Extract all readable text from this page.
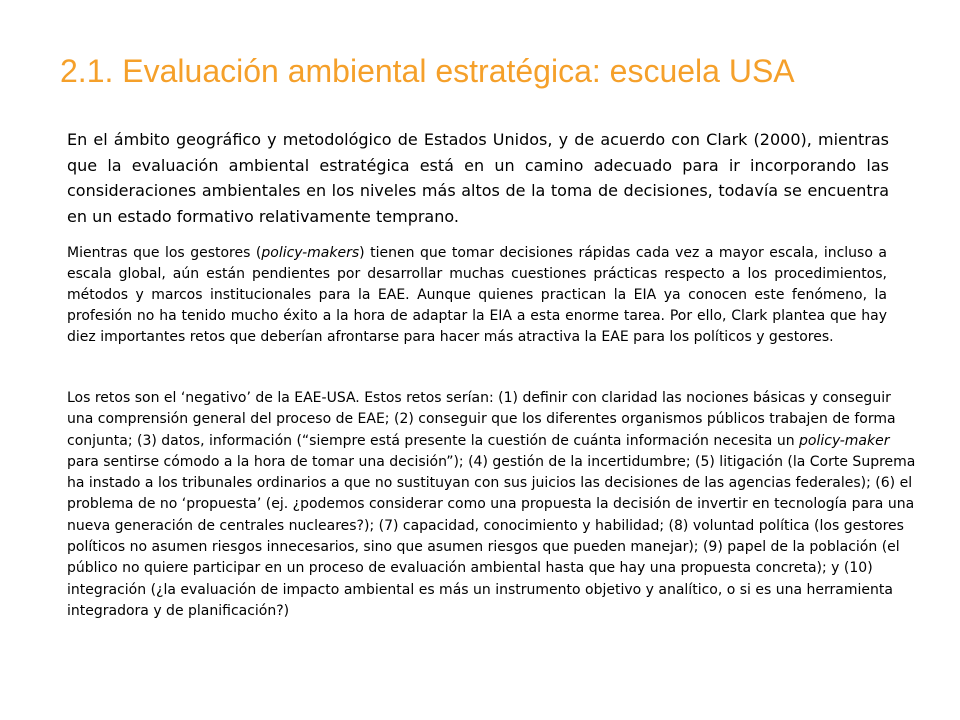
2.1. Evaluación ambiental estratégica: escuela USA

En el ámbito geográfico y metodológico de Estados Unidos, y de acuerdo con Clark (2000), mientras que la evaluación ambiental estratégica está en un camino adecuado para ir incorporando las consideraciones ambientales en los niveles más altos de la toma de decisiones, todavía se encuentra en un estado formativo relativamente temprano.

Mientras que los gestores (policy-makers) tienen que tomar decisiones rápidas cada vez a mayor escala, incluso a escala global, aún están pendientes por desarrollar muchas cuestiones prácticas respecto a los procedimientos, métodos y marcos institucionales para la EAE. Aunque quienes practican la EIA ya conocen este fenómeno, la profesión no ha tenido mucho éxito a la hora de adaptar la EIA a esta enorme tarea. Por ello, Clark plantea que hay diez importantes retos que deberían afrontarse para hacer más atractiva la EAE para los políticos y gestores.

Los retos son el ‘negativo’ de la EAE-USA. Estos retos serían: (1) definir con claridad las nociones básicas y conseguir una comprensión general del proceso de EAE; (2) conseguir que los diferentes organismos públicos trabajen de forma conjunta; (3) datos, información (“siempre está presente la cuestión de cuánta información necesita un policy-maker para sentirse cómodo a la hora de tomar una decisión”); (4) gestión de la incertidumbre; (5) litigación (la Corte Suprema ha instado a los tribunales ordinarios a que no sustituyan con sus juicios las decisiones de las agencias federales); (6) el problema de no ‘propuesta’ (ej. ¿podemos considerar como una propuesta la decisión de invertir en tecnología para una nueva generación de centrales nucleares?); (7) capacidad, conocimiento y habilidad; (8) voluntad política (los gestores políticos no asumen riesgos innecesarios, sino que asumen riesgos que pueden manejar); (9) papel de la población (el público no quiere participar en un proceso de evaluación ambiental hasta que hay una propuesta concreta); y (10) integración (¿la evaluación de impacto ambiental es más un instrumento objetivo y analítico, o si es una herramienta integradora y de planificación?)
